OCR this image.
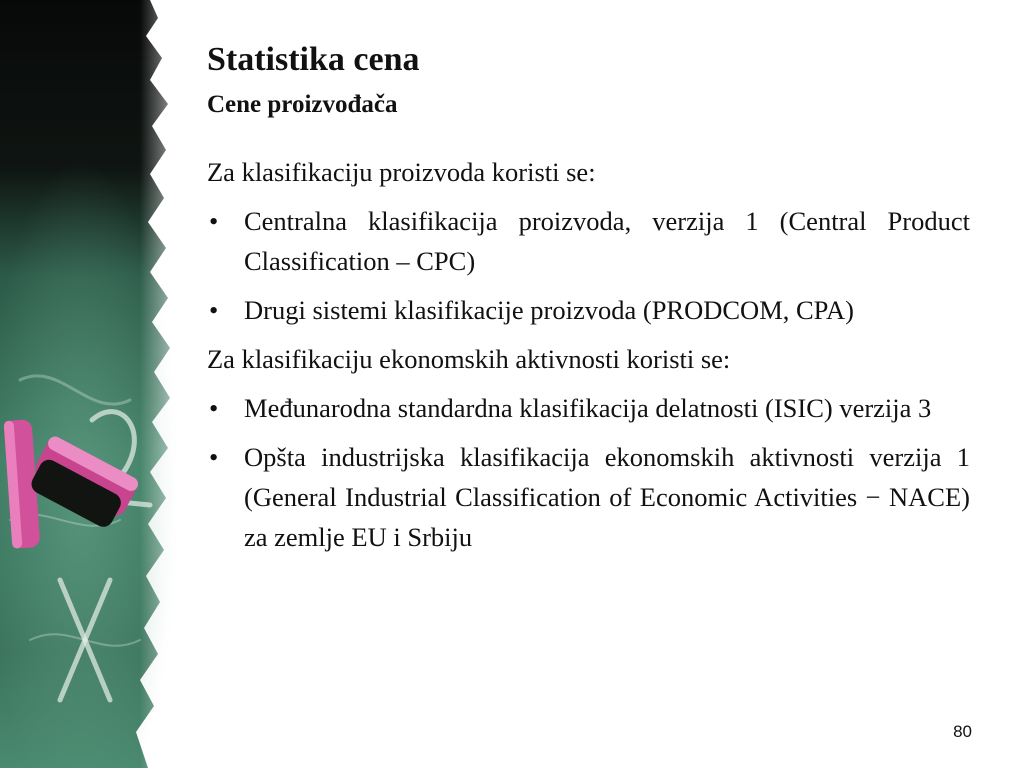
Statistika cena
Cene proizvođača

Za klasifikaciju proizvoda koristi se:

• Centralna klasifikacija proizvoda, verzija 1 (Central Product Classification – CPC)
• Drugi sistemi klasifikacije proizvoda (PRODCOM, CPA)

Za klasifikaciju ekonomskih aktivnosti koristi se:

• Međunarodna standardna klasifikacija delatnosti (ISIC) verzija 3
• Opšta industrijska klasifikacija ekonomskih aktivnosti verzija 1 (General Industrial Classification of Economic Activities − NACE) za zemlje EU i Srbiju
80
